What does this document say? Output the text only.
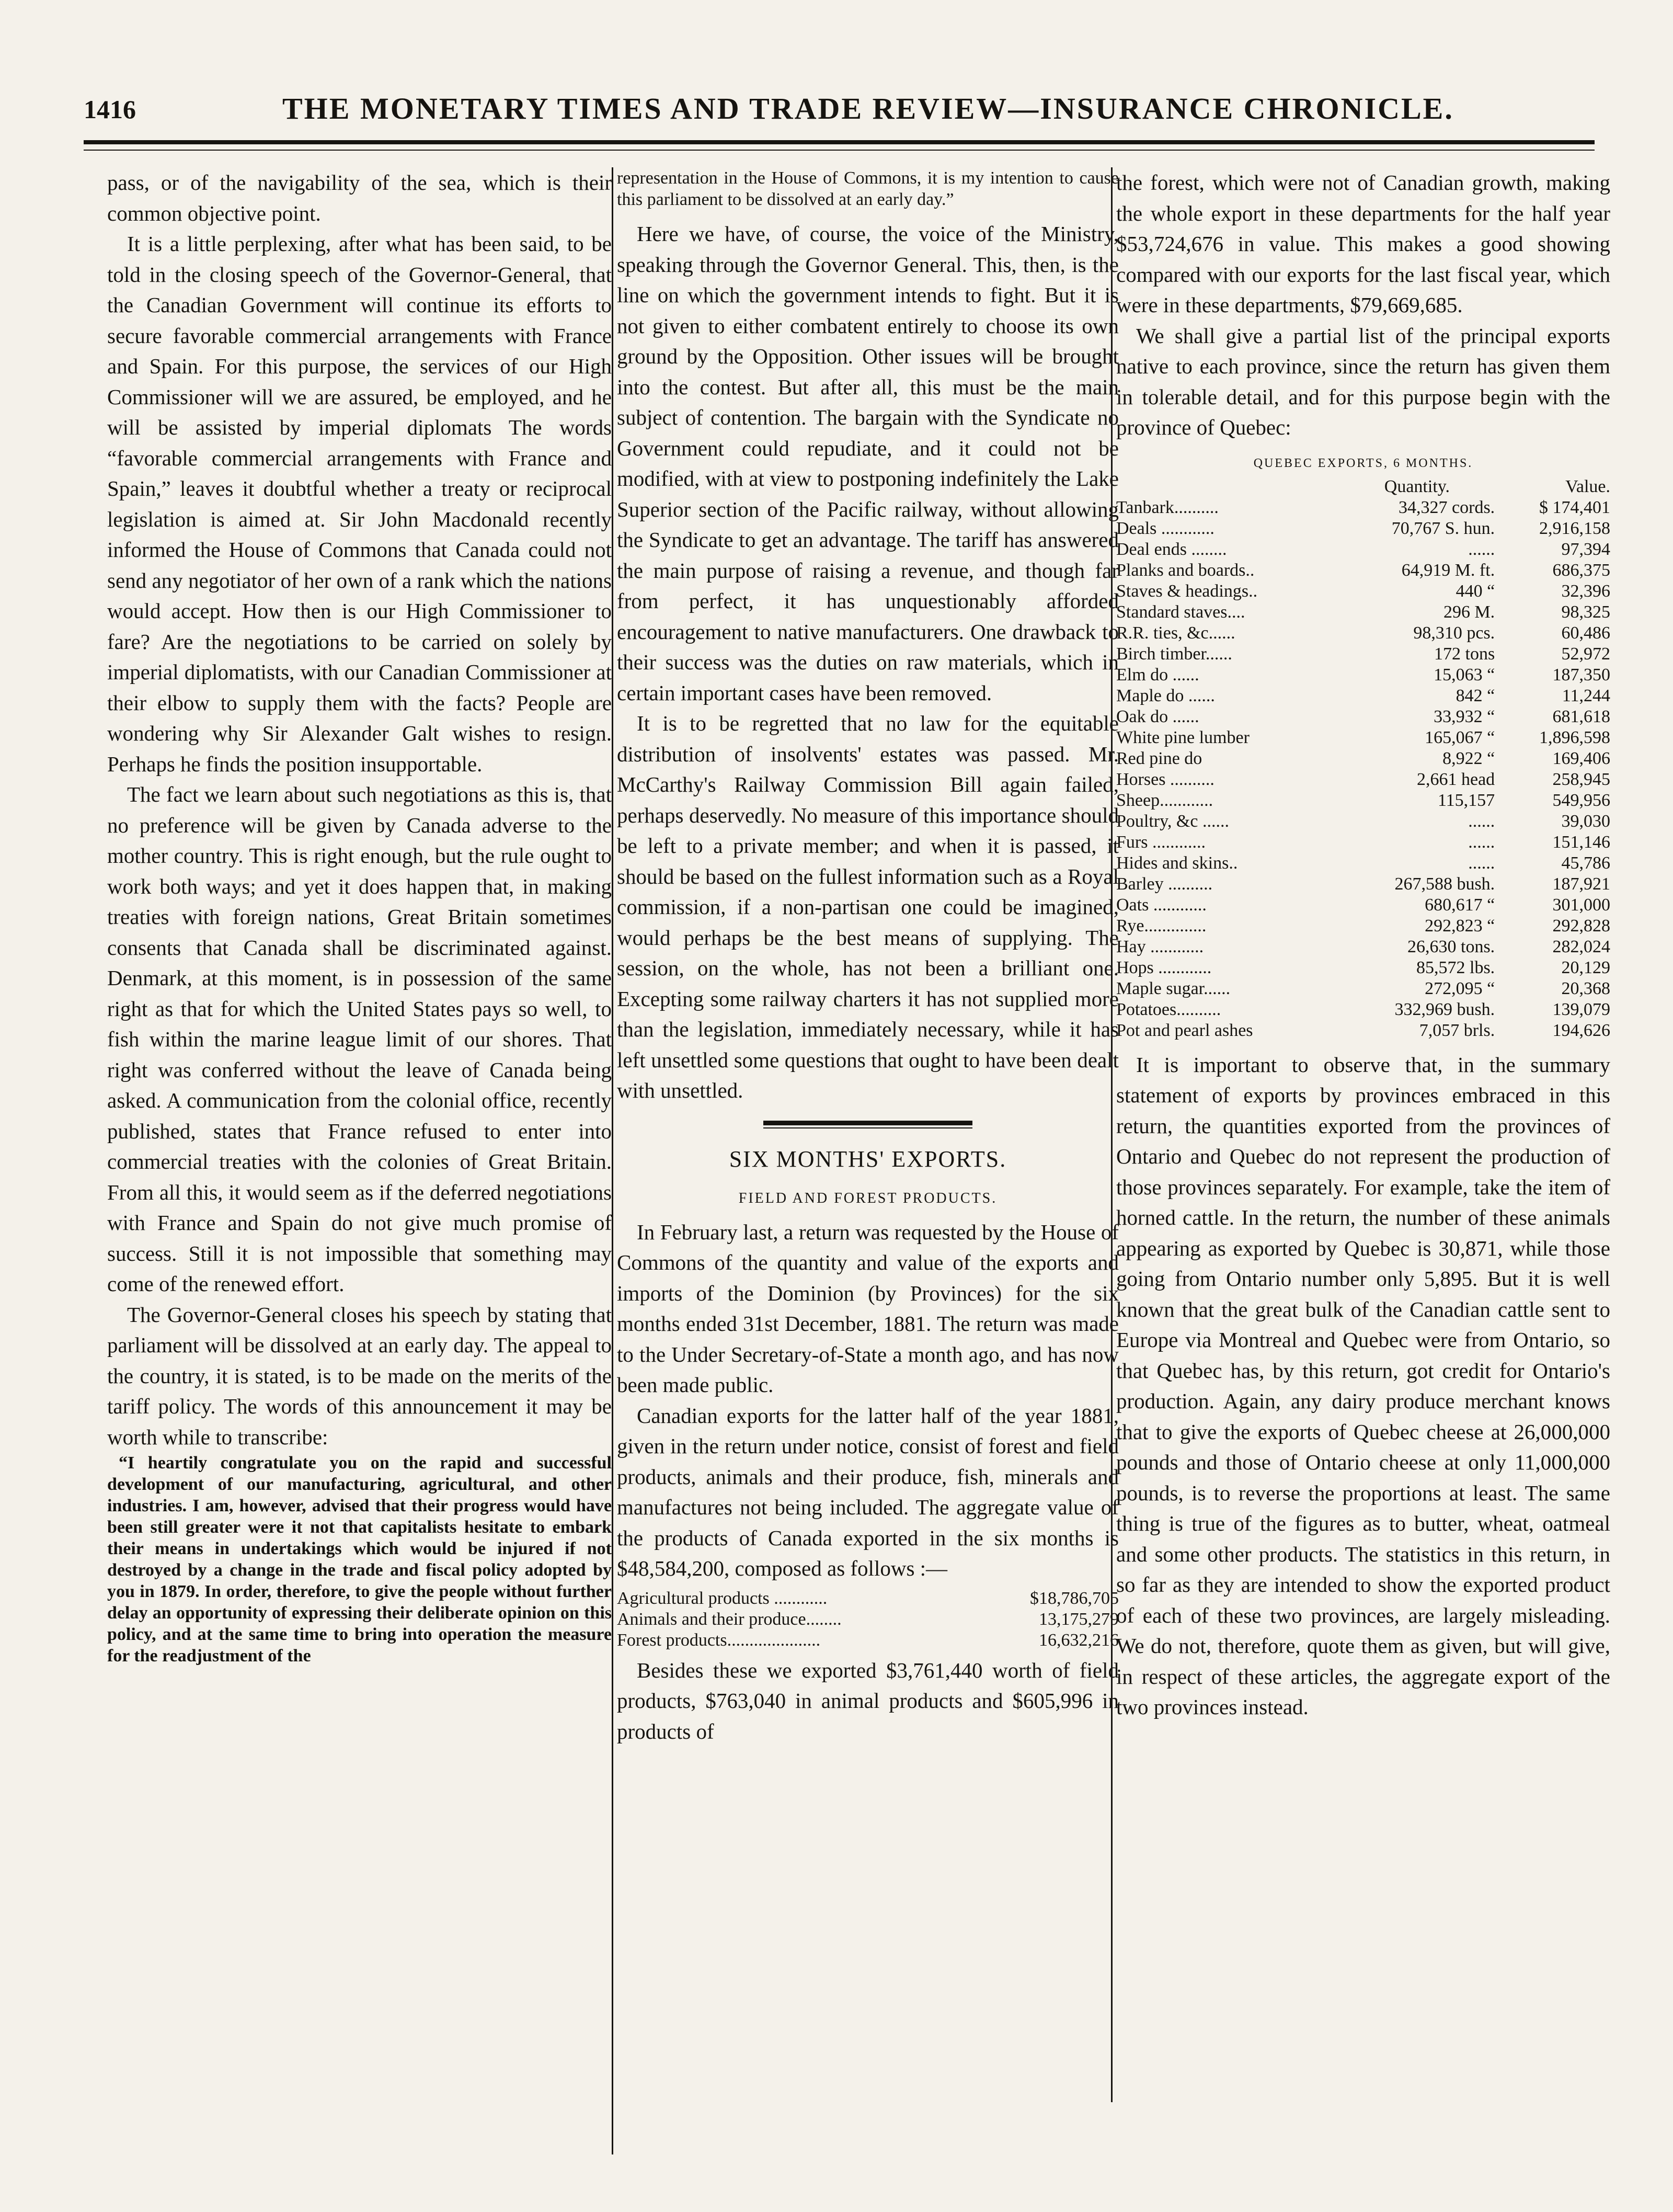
1416	THE MONETARY TIMES AND TRADE REVIEW—INSURANCE CHRONICLE.

pass, or of the navigability of the sea, which is their common objective point.

It is a little perplexing, after what has been said, to be told in the closing speech of the Governor-General, that the Canadian Government will continue its efforts to secure favorable commercial arrangements with France and Spain. For this purpose, the services of our High Commissioner will we are assured, be employed, and he will be assisted by imperial diplomats The words “favorable commercial arrangements with France and Spain,” leaves it doubtful whether a treaty or reciprocal legislation is aimed at. Sir John Macdonald recently informed the House of Commons that Canada could not send any negotiator of her own of a rank which the nations would accept. How then is our High Commissioner to fare? Are the negotiations to be carried on solely by imperial diplomatists, with our Canadian Commissioner at their elbow to supply them with the facts? People are wondering why Sir Alexander Galt wishes to resign. Perhaps he finds the position insupportable.

The fact we learn about such negotiations as this is, that no preference will be given by Canada adverse to the mother country. This is right enough, but the rule ought to work both ways; and yet it does happen that, in making treaties with foreign nations, Great Britain sometimes consents that Canada shall be discriminated against. Denmark, at this moment, is in possession of the same right as that for which the United States pays so well, to fish within the marine league limit of our shores. That right was conferred without the leave of Canada being asked. A communication from the colonial office, recently published, states that France refused to enter into commercial treaties with the colonies of Great Britain. From all this, it would seem as if the deferred negotiations with France and Spain do not give much promise of success. Still it is not impossible that something may come of the renewed effort.

The Governor-General closes his speech by stating that parliament will be dissolved at an early day. The appeal to the country, it is stated, is to be made on the merits of the tariff policy. The words of this announcement it may be worth while to transcribe:

“I heartily congratulate you on the rapid and successful development of our manufacturing, agricultural, and other industries. I am, however, advised that their progress would have been still greater were it not that capitalists hesitate to embark their means in undertakings which would be injured if not destroyed by a change in the trade and fiscal policy adopted by you in 1879. In order, therefore, to give the people without further delay an opportunity of expressing their deliberate opinion on this policy, and at the same time to bring into operation the measure for the readjustment of the

representation in the House of Commons, it is my intention to cause this parliament to be dissolved at an early day.”

Here we have, of course, the voice of the Ministry, speaking through the Governor General. This, then, is the line on which the government intends to fight. But it is not given to either combatent entirely to choose its own ground by the Opposition. Other issues will be brought into the contest. But after all, this must be the main subject of contention. The bargain with the Syndicate no Government could repudiate, and it could not be modified, with at view to postponing indefinitely the Lake Superior section of the Pacific railway, without allowing the Syndicate to get an advantage. The tariff has answered the main purpose of raising a revenue, and though far from perfect, it has unquestionably afforded encouragement to native manufacturers. One drawback to their success was the duties on raw materials, which in certain important cases have been removed.

It is to be regretted that no law for the equitable distribution of insolvents' estates was passed. Mr. McCarthy's Railway Commission Bill again failed, perhaps deservedly. No measure of this importance should be left to a private member; and when it is passed, it should be based on the fullest information such as a Royal commission, if a non-partisan one could be imagined, would perhaps be the best means of supplying. The session, on the whole, has not been a brilliant one. Excepting some railway charters it has not supplied more than the legislation, immediately necessary, while it has left unsettled some questions that ought to have been dealt with unsettled.

SIX MONTHS' EXPORTS.
FIELD AND FOREST PRODUCTS.

In February last, a return was requested by the House of Commons of the quantity and value of the exports and imports of the Dominion (by Provinces) for the six months ended 31st December, 1881. The return was made to the Under Secretary-of-State a month ago, and has now been made public.

Canadian exports for the latter half of the year 1881, given in the return under notice, consist of forest and field products, animals and their produce, fish, minerals and manufactures not being included. The aggregate value of the products of Canada exported in the six months is $48,584,200, composed as follows :—

Agricultural products ............	$18,786,705
Animals and their produce........	13,175,279
Forest products.....................	16,632,216

Besides these we exported $3,761,440 worth of field products, $763,040 in animal products and $605,996 in products of

the forest, which were not of Canadian growth, making the whole export in these departments for the half year $53,724,676 in value. This makes a good showing compared with our exports for the last fiscal year, which were in these departments, $79,669,685.

We shall give a partial list of the principal exports native to each province, since the return has given them in tolerable detail, and for this purpose begin with the province of Quebec:

QUEBEC EXPORTS, 6 MONTHS.
	Quantity.	Value.
Tanbark..........	34,327 cords.	$ 174,401
Deals ............	70,767 S. hun.	2,916,158
Deal ends ........	......	97,394
Planks and boards..	64,919 M. ft.	686,375
Staves & headings..	440 “	32,396
Standard staves....	296 M.	98,325
R.R. ties, &c......	98,310 pcs.	60,486
Birch timber......	172 tons	52,972
Elm do ......	15,063 “	187,350
Maple do ......	842 “	11,244
Oak do ......	33,932 “	681,618
White pine lumber	165,067 “	1,896,598
Red pine do	8,922 “	169,406
Horses ..........	2,661 head	258,945
Sheep............	115,157	549,956
Poultry, &c ......	......	39,030
Furs ............	......	151,146
Hides and skins..	......	45,786
Barley ..........	267,588 bush.	187,921
Oats ............	680,617 “	301,000
Rye..............	292,823 “	292,828
Hay ............	26,630 tons.	282,024
Hops ............	85,572 lbs.	20,129
Maple sugar......	272,095 “	20,368
Potatoes..........	332,969 bush.	139,079
Pot and pearl ashes	7,057 brls.	194,626

It is important to observe that, in the summary statement of exports by provinces embraced in this return, the quantities exported from the provinces of Ontario and Quebec do not represent the production of those provinces separately. For example, take the item of horned cattle. In the return, the number of these animals appearing as exported by Quebec is 30,871, while those going from Ontario number only 5,895. But it is well known that the great bulk of the Canadian cattle sent to Europe via Montreal and Quebec were from Ontario, so that Quebec has, by this return, got credit for Ontario's production. Again, any dairy produce merchant knows that to give the exports of Quebec cheese at 26,000,000 pounds and those of Ontario cheese at only 11,000,000 pounds, is to reverse the proportions at least. The same thing is true of the figures as to butter, wheat, oatmeal and some other products. The statistics in this return, in so far as they are intended to show the exported product of each of these two provinces, are largely misleading. We do not, therefore, quote them as given, but will give, in respect of these articles, the aggregate export of the two provinces instead.
